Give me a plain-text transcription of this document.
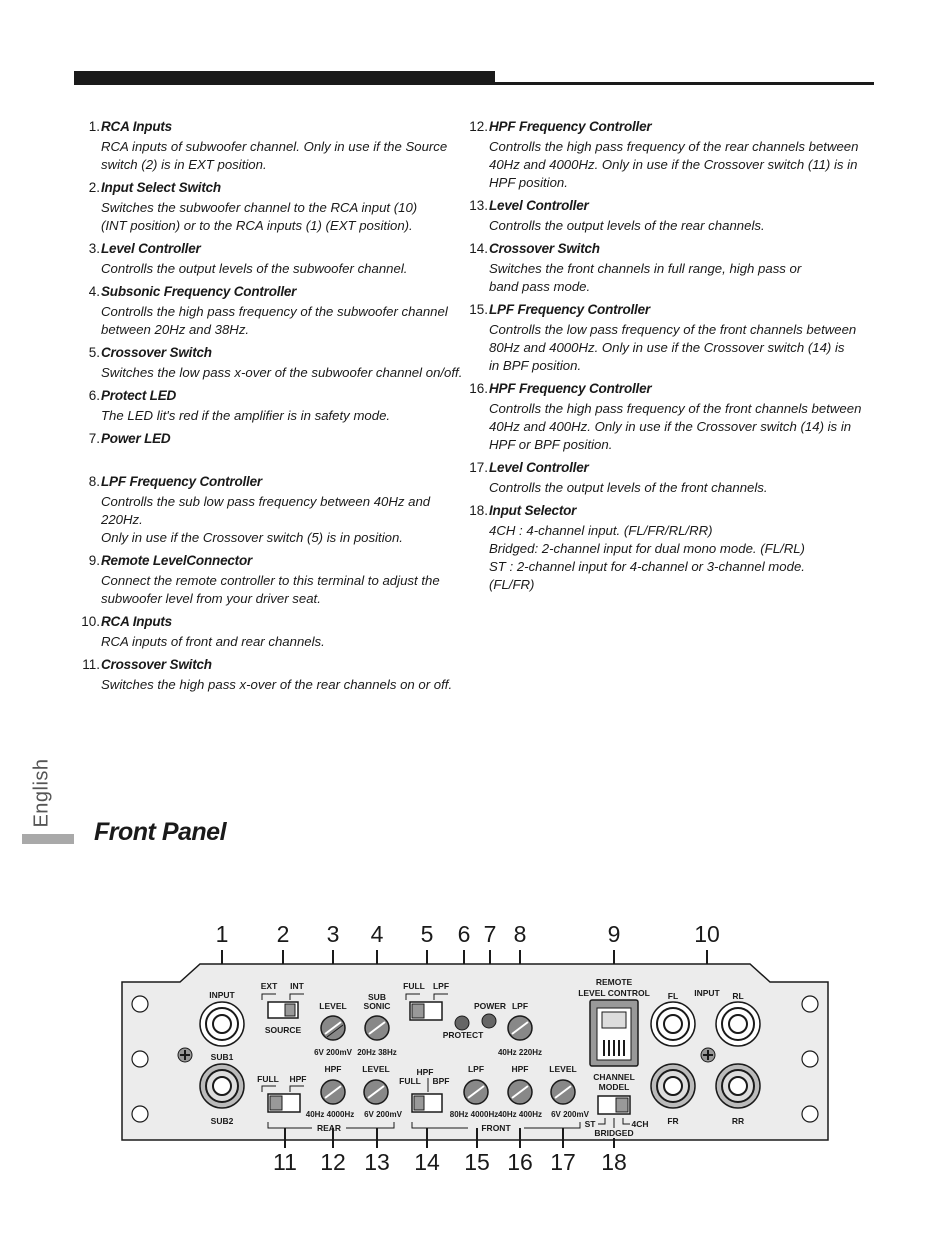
1. RCA Inputs
RCA inputs of subwoofer channel. Only in use if the Source
switch (2) is in EXT position.
2. Input Select Switch
Switches the subwoofer channel to the RCA input (10)
(INT position) or to the RCA inputs (1) (EXT position).
3. Level Controller
Controlls the output levels of the subwoofer channel.
4. Subsonic Frequency Controller
Controlls the high pass frequency of the subwoofer channel
between 20Hz and 38Hz.
5. Crossover Switch
Switches the low pass x-over of the subwoofer channel on/off.
6. Protect LED
The LED lit's red if the amplifier is in safety mode.
7. Power LED
8. LPF Frequency Controller
Controlls the sub low pass frequency between 40Hz and 220Hz.
Only in use if the Crossover switch (5) is in position.
9. Remote LevelConnector
Connect the remote controller to this terminal to adjust the
subwoofer level from your driver seat.
10. RCA Inputs
RCA inputs of front and rear channels.
11. Crossover Switch
Switches the high pass x-over of the rear channels on or off.
12. HPF Frequency Controller
Controlls the high pass frequency of the rear channels between
40Hz and 4000Hz. Only in use if the Crossover switch (11) is in
HPF position.
13. Level Controller
Controlls the output levels of the rear channels.
14. Crossover Switch
Switches the front channels in full range, high pass or
band pass mode.
15. LPF Frequency Controller
Controlls the low pass frequency of the front channels between
80Hz and 4000Hz. Only in use if the Crossover switch (14) is
in BPF position.
16. HPF Frequency Controller
Controlls the high pass frequency of the front channels between
40Hz and 400Hz. Only in use if the Crossover switch (14) is in
HPF or BPF position.
17. Level Controller
Controlls the output levels of the front channels.
18. Input Selector
4CH : 4-channel input. (FL/FR/RL/RR)
Bridged: 2-channel input for dual mono mode. (FL/RL)
ST : 2-channel input for 4-channel or 3-channel mode.
(FL/FR)
English
Front Panel
1 2 3 4 5 6 7 8	9	10
INPUT
SUB1
SUB2
EXT INT
SOURCE
LEVEL
6V 200mV
SUB
SONIC
20Hz 38Hz
FULL LPF
PROTECT
POWER LPF
40Hz 220Hz
REMOTE
LEVEL CONTROL	INPUT
FL	RL
FR	RR
FULL HPF
HPF
40Hz 4000Hz
LEVEL
6V 200mV
REAR
HPF
FULL BPF
LPF
80Hz 4000Hz
HPF
40Hz 400Hz
LEVEL
6V 200mV
FRONT
CHANNEL
MODEL
ST
BRIDGED
4CH
11 12 13 14 15 16 17 18
